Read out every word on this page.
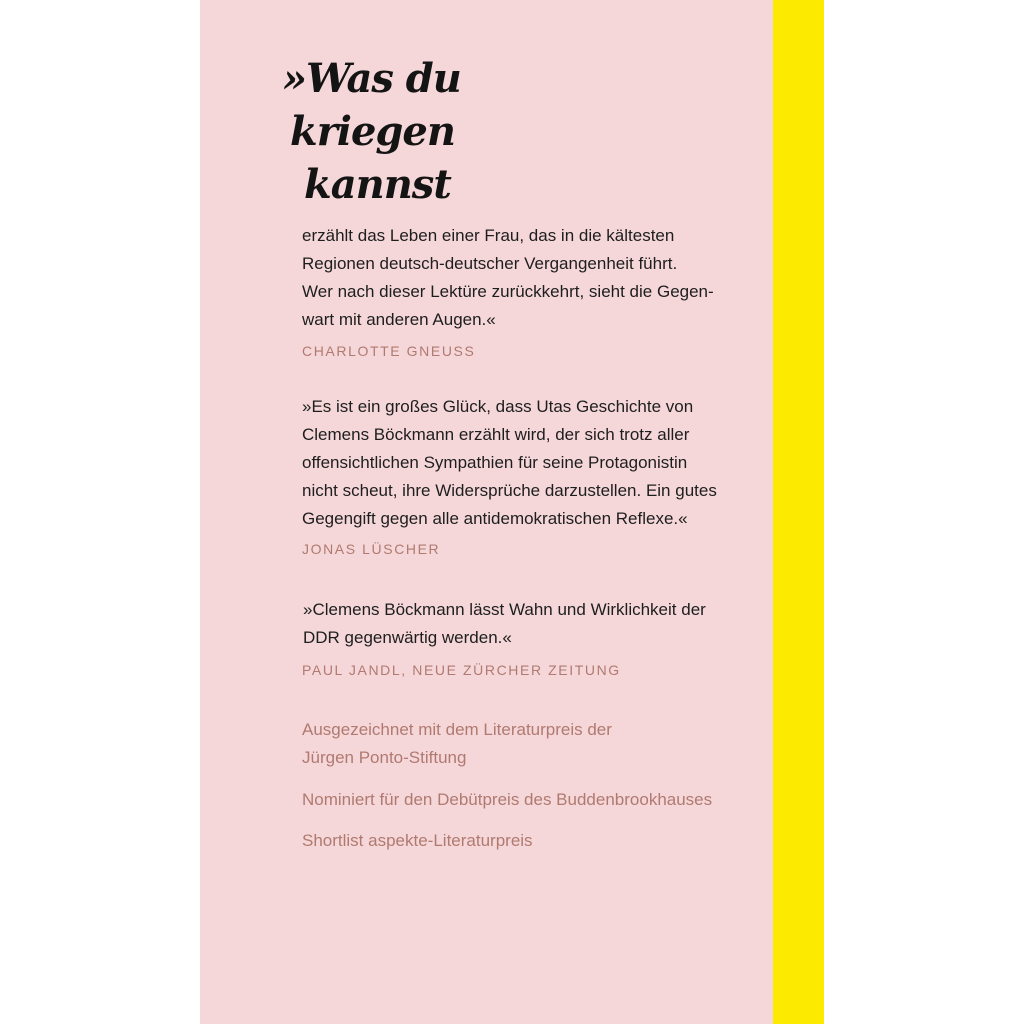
»Was du
kriegen
kannst

erzählt das Leben einer Frau, das in die kältesten
Regionen deutsch-deutscher Vergangenheit führt.
Wer nach dieser Lektüre zurückkehrt, sieht die Gegen-
wart mit anderen Augen.«

CHARLOTTE GNEUSS

»Es ist ein großes Glück, dass Utas Geschichte von
Clemens Böckmann erzählt wird, der sich trotz aller
offensichtlichen Sympathien für seine Protagonistin
nicht scheut, ihre Widersprüche darzustellen. Ein gutes
Gegengift gegen alle antidemokratischen Reflexe.«

JONAS LÜSCHER

»Clemens Böckmann lässt Wahn und Wirklichkeit der
DDR gegenwärtig werden.«

PAUL JANDL, NEUE ZÜRCHER ZEITUNG
Ausgezeichnet mit dem Literaturpreis der
Jürgen Ponto-Stiftung
Nominiert für den Debütpreis des Buddenbrookhauses
Shortlist aspekte-Literaturpreis
